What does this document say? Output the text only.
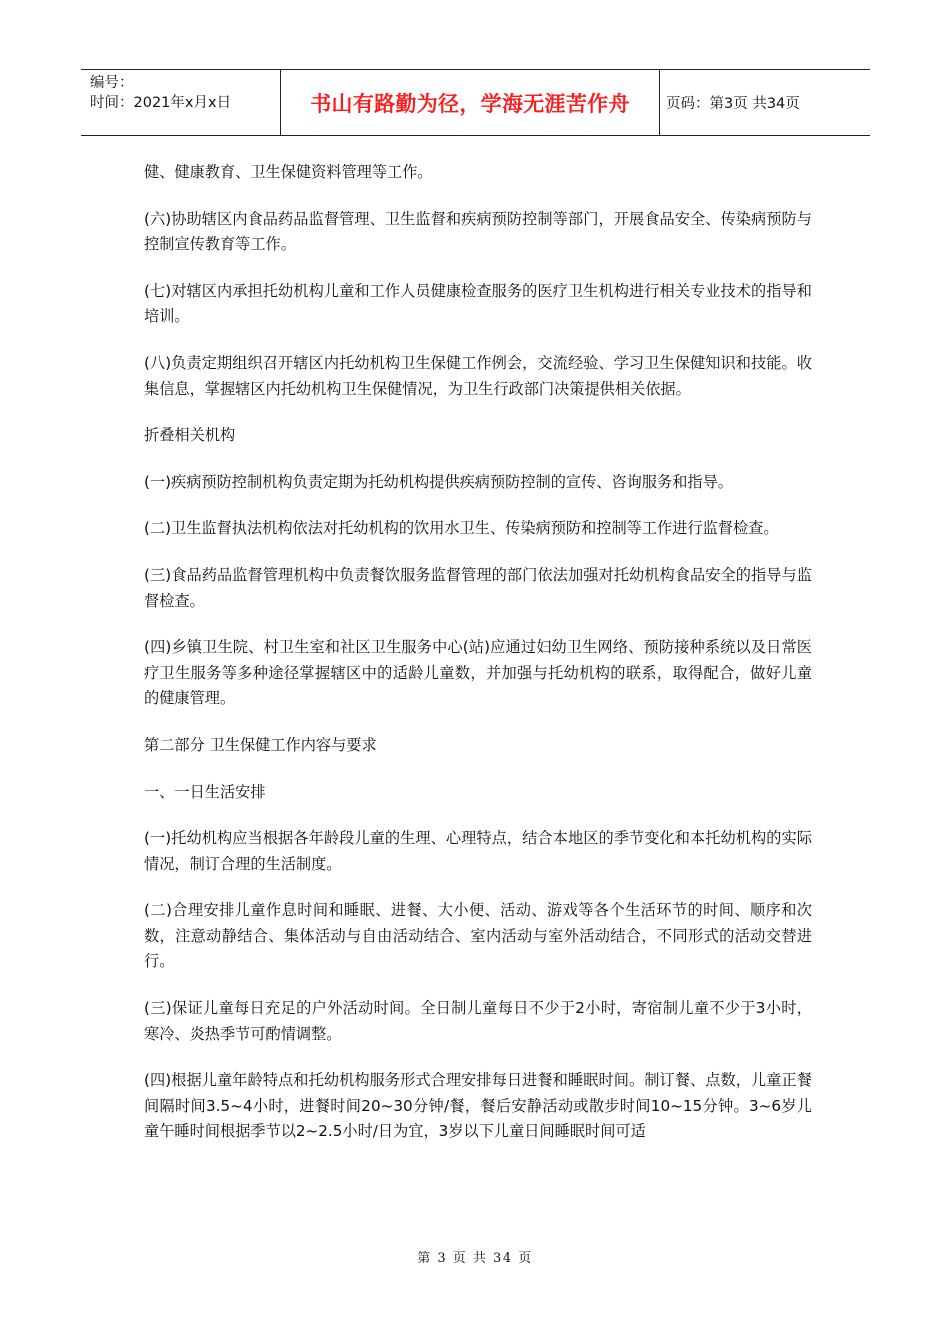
编号：
时间：2021年x月x日	书山有路勤为径，学海无涯苦作舟	页码：第3页 共34页

健、健康教育、卫生保健资料管理等工作。

(六)协助辖区内食品药品监督管理、卫生监督和疾病预防控制等部门，开展食品安全、传染病预防与控制宣传教育等工作。

(七)对辖区内承担托幼机构儿童和工作人员健康检查服务的医疗卫生机构进行相关专业技术的指导和培训。

(八)负责定期组织召开辖区内托幼机构卫生保健工作例会，交流经验、学习卫生保健知识和技能。收集信息，掌握辖区内托幼机构卫生保健情况，为卫生行政部门决策提供相关依据。

折叠相关机构

(一)疾病预防控制机构负责定期为托幼机构提供疾病预防控制的宣传、咨询服务和指导。

(二)卫生监督执法机构依法对托幼机构的饮用水卫生、传染病预防和控制等工作进行监督检查。

(三)食品药品监督管理机构中负责餐饮服务监督管理的部门依法加强对托幼机构食品安全的指导与监督检查。

(四)乡镇卫生院、村卫生室和社区卫生服务中心(站)应通过妇幼卫生网络、预防接种系统以及日常医疗卫生服务等多种途径掌握辖区中的适龄儿童数，并加强与托幼机构的联系，取得配合，做好儿童的健康管理。

第二部分 卫生保健工作内容与要求

一、一日生活安排

(一)托幼机构应当根据各年龄段儿童的生理、心理特点，结合本地区的季节变化和本托幼机构的实际情况，制订合理的生活制度。

(二)合理安排儿童作息时间和睡眠、进餐、大小便、活动、游戏等各个生活环节的时间、顺序和次数，注意动静结合、集体活动与自由活动结合、室内活动与室外活动结合，不同形式的活动交替进行。

(三)保证儿童每日充足的户外活动时间。全日制儿童每日不少于2小时，寄宿制儿童不少于3小时，寒冷、炎热季节可酌情调整。

(四)根据儿童年龄特点和托幼机构服务形式合理安排每日进餐和睡眠时间。制订餐、点数，儿童正餐间隔时间3.5~4小时，进餐时间20~30分钟/餐，餐后安静活动或散步时间10~15分钟。3~6岁儿童午睡时间根据季节以2~2.5小时/日为宜，3岁以下儿童日间睡眠时间可适

第 3 页 共 34 页
